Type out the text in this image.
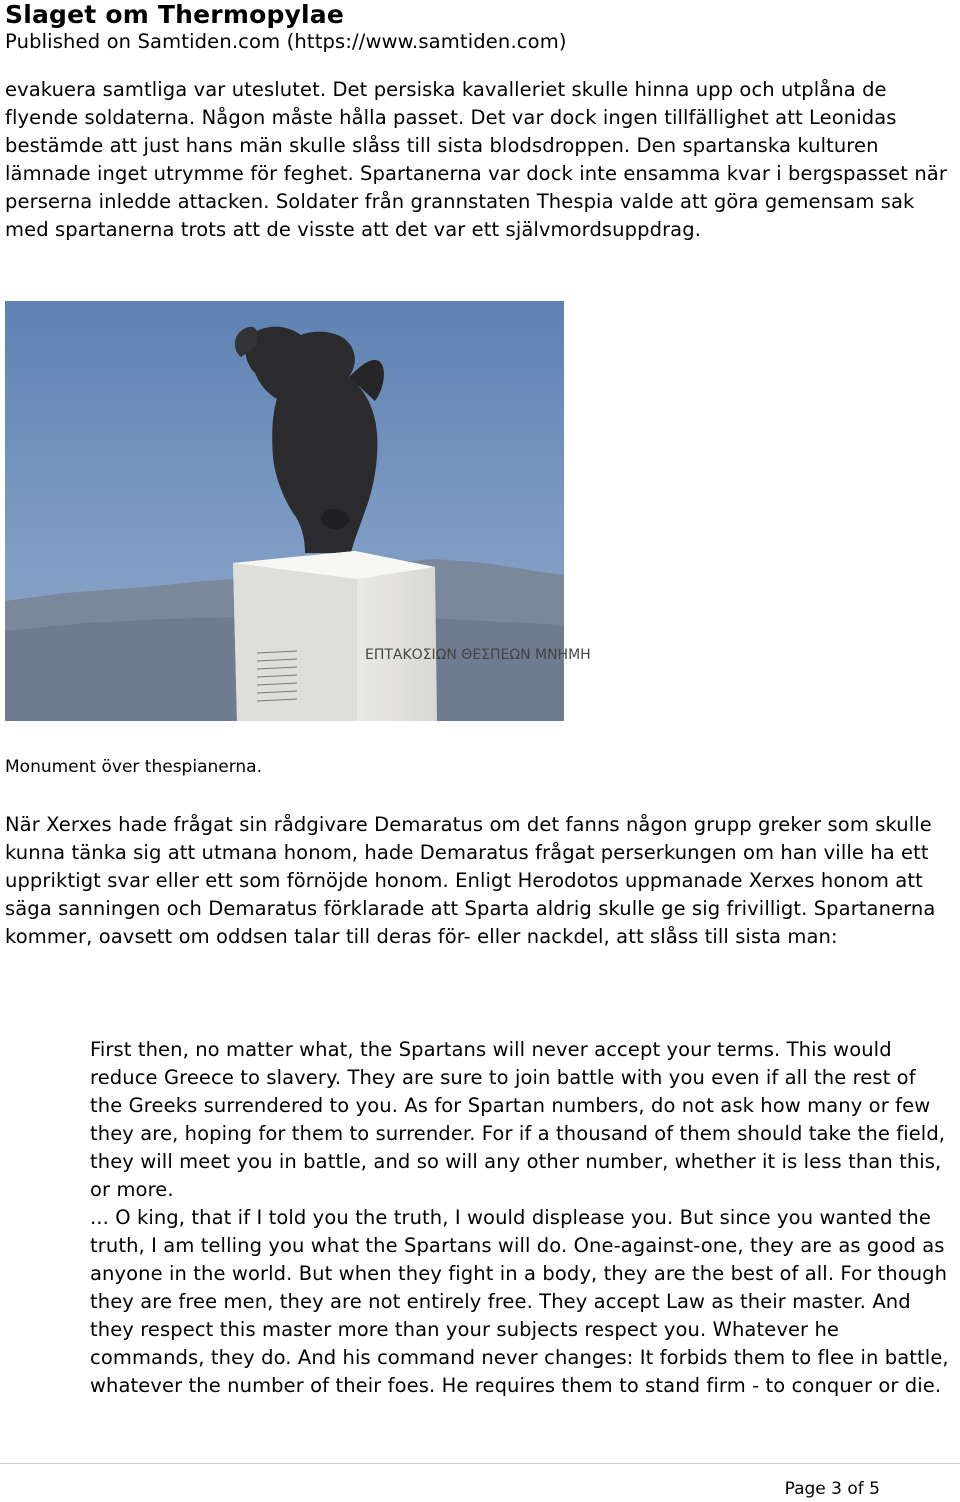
Slaget om Thermopylae
Published on Samtiden.com (https://www.samtiden.com)

evakuera samtliga var uteslutet. Det persiska kavalleriet skulle hinna upp och utplåna de flyende soldaterna. Någon måste hålla passet. Det var dock ingen tillfällighet att Leonidas bestämde att just hans män skulle slåss till sista blodsdroppen. Den spartanska kulturen lämnade inget utrymme för feghet. Spartanerna var dock inte ensamma kvar i bergspasset när perserna inledde attacken. Soldater från grannstaten Thespia valde att göra gemensam sak med spartanerna trots att de visste att det var ett självmordsuppdrag.

ΕΠΤΑΚΟΣΙΩΝ ΘΕΣΠΕΩΝ ΜΝΗΜΗ
Monument över thespianerna.

När Xerxes hade frågat sin rådgivare Demaratus om det fanns någon grupp greker som skulle kunna tänka sig att utmana honom, hade Demaratus frågat perserkungen om han ville ha ett uppriktigt svar eller ett som förnöjde honom. Enligt Herodotos uppmanade Xerxes honom att säga sanningen och Demaratus förklarade att Sparta aldrig skulle ge sig frivilligt. Spartanerna kommer, oavsett om oddsen talar till deras för- eller nackdel, att slåss till sista man:

First then, no matter what, the Spartans will never accept your terms. This would reduce Greece to slavery. They are sure to join battle with you even if all the rest of the Greeks surrendered to you. As for Spartan numbers, do not ask how many or few they are, hoping for them to surrender. For if a thousand of them should take the field, they will meet you in battle, and so will any other number, whether it is less than this, or more.

... O king, that if I told you the truth, I would displease you. But since you wanted the truth, I am telling you what the Spartans will do. One-against-one, they are as good as anyone in the world. But when they fight in a body, they are the best of all. For though they are free men, they are not entirely free. They accept Law as their master. And they respect this master more than your subjects respect you. Whatever he commands, they do. And his command never changes: It forbids them to flee in battle, whatever the number of their foes. He requires them to stand firm - to conquer or die.

Page 3 of 5
